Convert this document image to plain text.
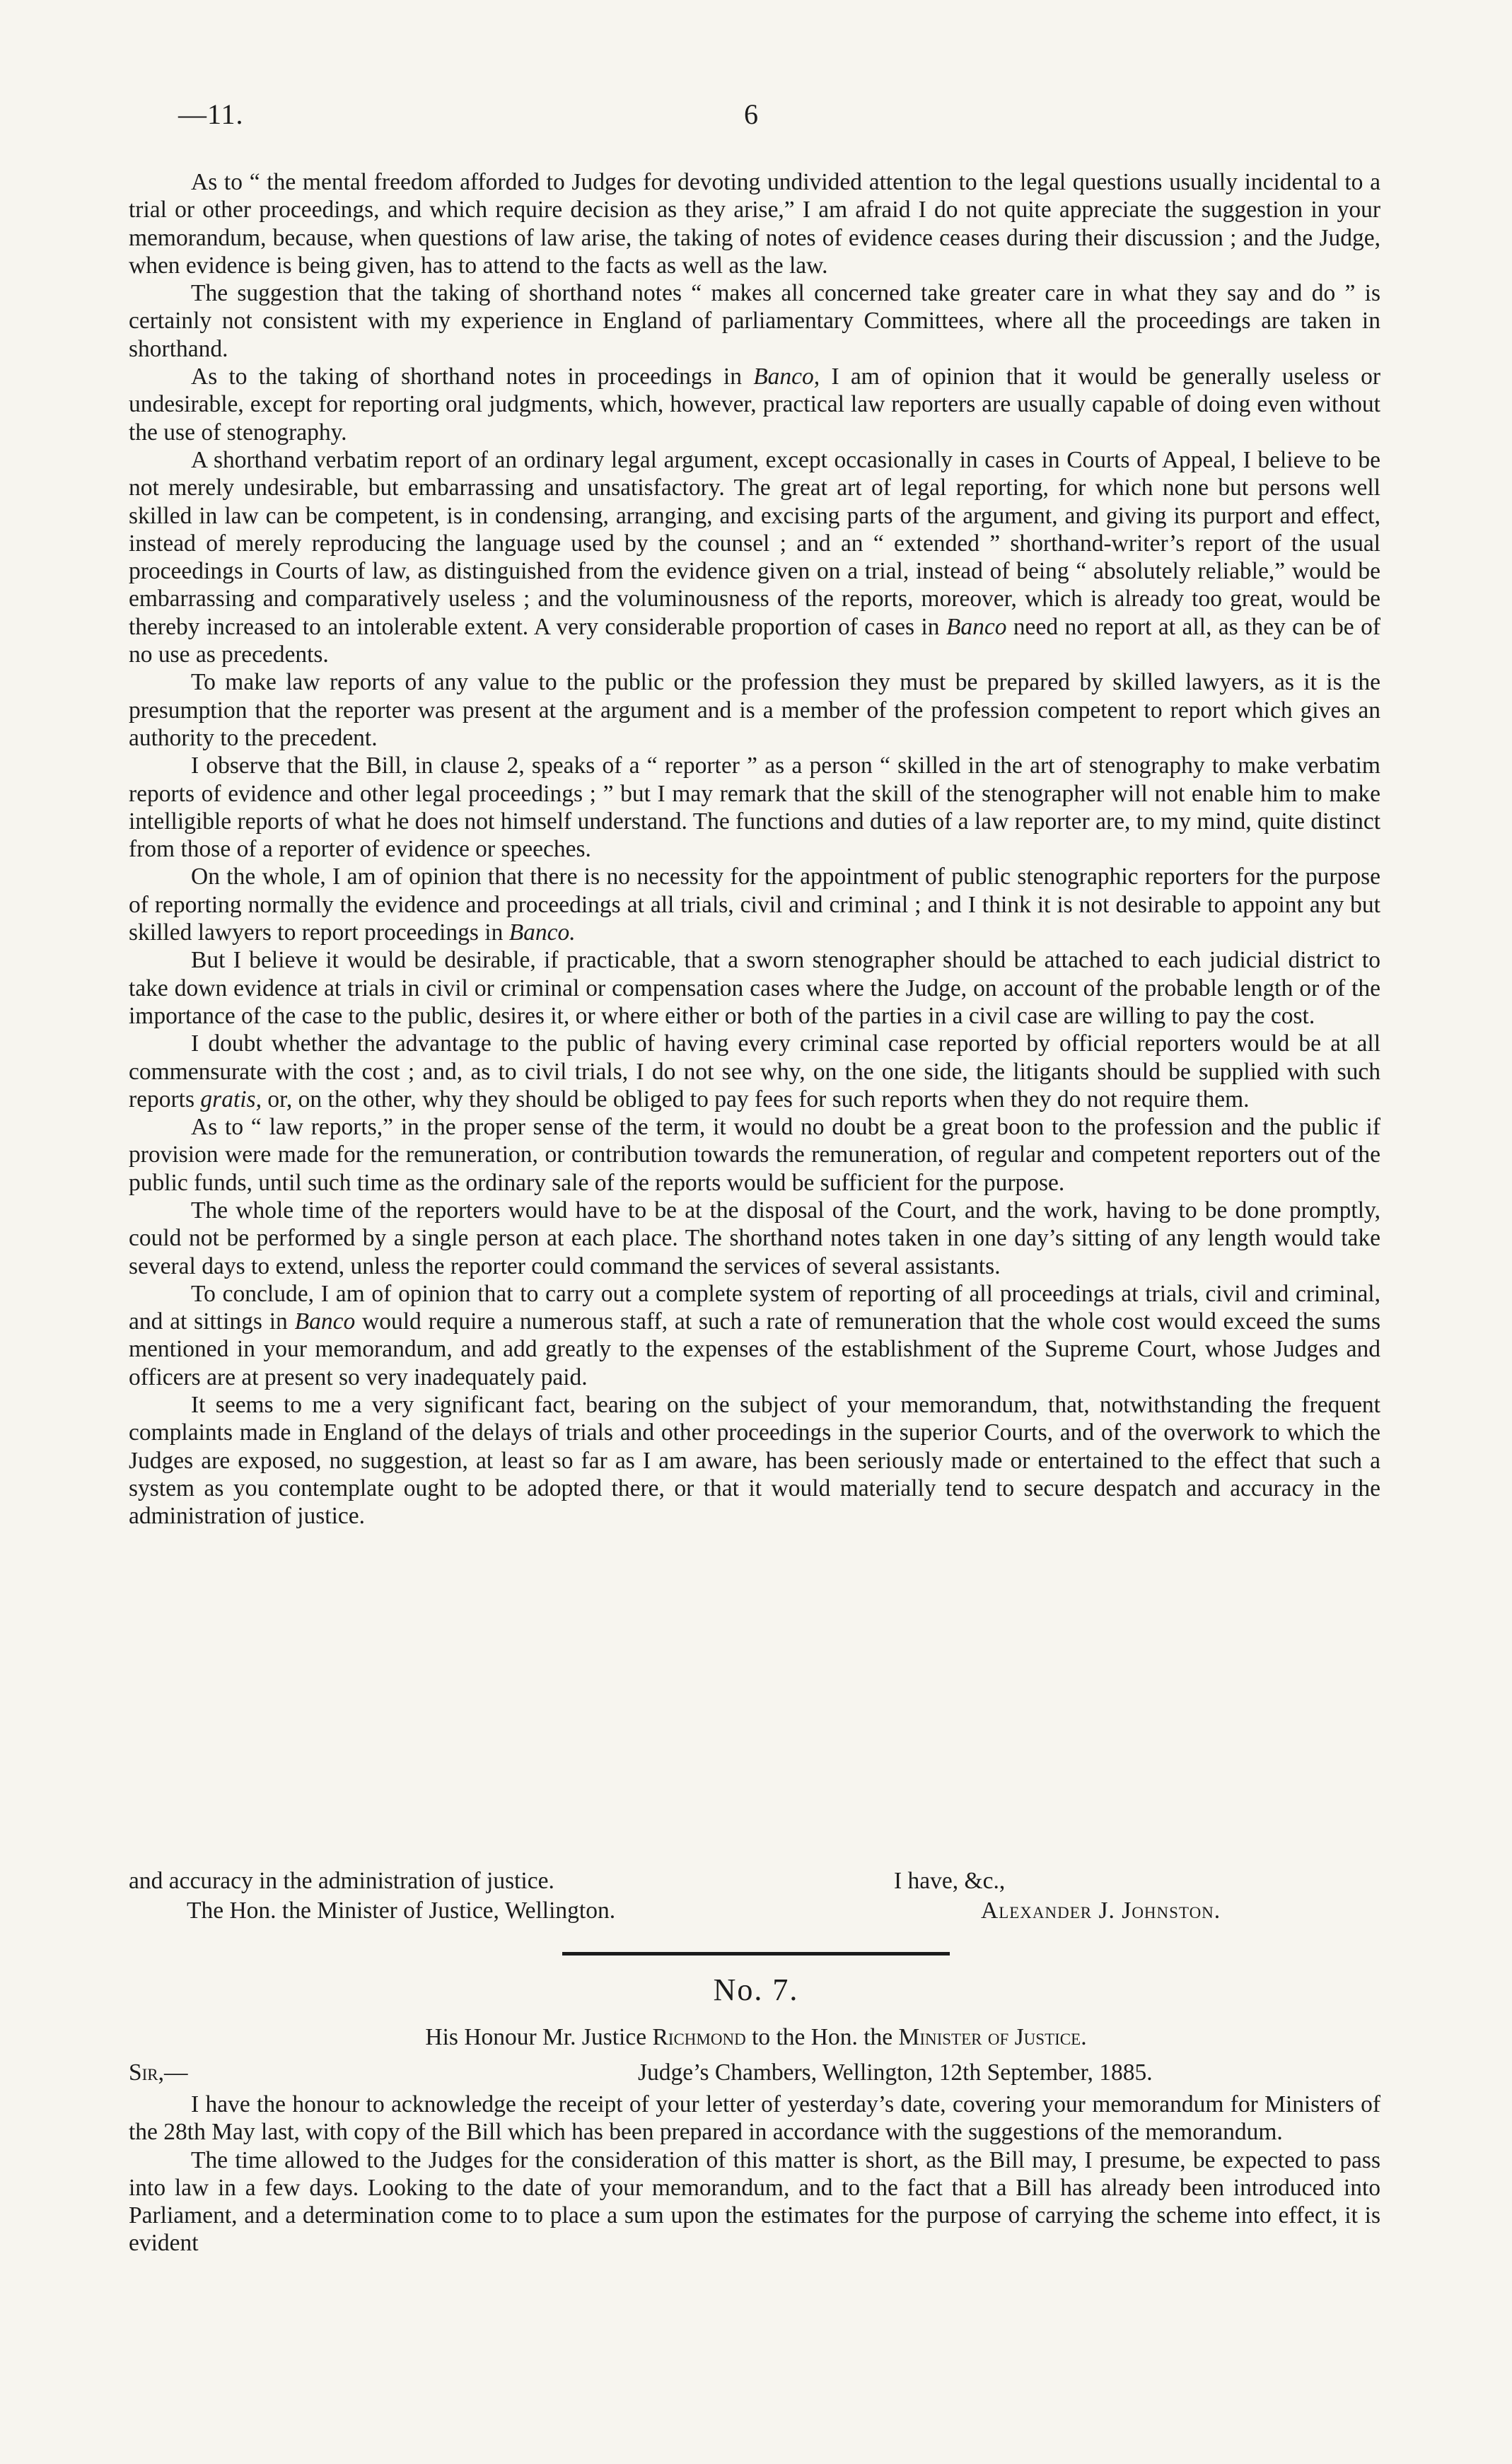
—11.	6

As to “ the mental freedom afforded to Judges for devoting undivided attention to the legal questions usually incidental to a trial or other proceedings, and which require decision as they arise,” I am afraid I do not quite appreciate the suggestion in your memorandum, because, when questions of law arise, the taking of notes of evidence ceases during their discussion ; and the Judge, when evidence is being given, has to attend to the facts as well as the law.

The suggestion that the taking of shorthand notes “ makes all concerned take greater care in what they say and do ” is certainly not consistent with my experience in England of parliamentary Committees, where all the proceedings are taken in shorthand.

As to the taking of shorthand notes in proceedings in Banco, I am of opinion that it would be generally useless or undesirable, except for reporting oral judgments, which, however, practical law reporters are usually capable of doing even without the use of stenography.

A shorthand verbatim report of an ordinary legal argument, except occasionally in cases in Courts of Appeal, I believe to be not merely undesirable, but embarrassing and unsatisfactory. The great art of legal reporting, for which none but persons well skilled in law can be competent, is in condensing, arranging, and excising parts of the argument, and giving its purport and effect, instead of merely reproducing the language used by the counsel ; and an “ extended ” shorthand-writer’s report of the usual proceedings in Courts of law, as distinguished from the evidence given on a trial, instead of being “ absolutely reliable,” would be embarrassing and comparatively useless ; and the voluminousness of the reports, moreover, which is already too great, would be thereby increased to an intolerable extent. A very considerable proportion of cases in Banco need no report at all, as they can be of no use as precedents.

To make law reports of any value to the public or the profession they must be prepared by skilled lawyers, as it is the presumption that the reporter was present at the argument and is a member of the profession competent to report which gives an authority to the precedent.

I observe that the Bill, in clause 2, speaks of a “ reporter ” as a person “ skilled in the art of stenography to make verbatim reports of evidence and other legal proceedings ; ” but I may remark that the skill of the stenographer will not enable him to make intelligible reports of what he does not himself understand. The functions and duties of a law reporter are, to my mind, quite distinct from those of a reporter of evidence or speeches.

On the whole, I am of opinion that there is no necessity for the appointment of public stenographic reporters for the purpose of reporting normally the evidence and proceedings at all trials, civil and criminal ; and I think it is not desirable to appoint any but skilled lawyers to report proceedings in Banco.

But I believe it would be desirable, if practicable, that a sworn stenographer should be attached to each judicial district to take down evidence at trials in civil or criminal or compensation cases where the Judge, on account of the probable length or of the importance of the case to the public, desires it, or where either or both of the parties in a civil case are willing to pay the cost.

I doubt whether the advantage to the public of having every criminal case reported by official reporters would be at all commensurate with the cost ; and, as to civil trials, I do not see why, on the one side, the litigants should be supplied with such reports gratis, or, on the other, why they should be obliged to pay fees for such reports when they do not require them.

As to “ law reports,” in the proper sense of the term, it would no doubt be a great boon to the profession and the public if provision were made for the remuneration, or contribution towards the remuneration, of regular and competent reporters out of the public funds, until such time as the ordinary sale of the reports would be sufficient for the purpose.

The whole time of the reporters would have to be at the disposal of the Court, and the work, having to be done promptly, could not be performed by a single person at each place. The shorthand notes taken in one day’s sitting of any length would take several days to extend, unless the reporter could command the services of several assistants.

To conclude, I am of opinion that to carry out a complete system of reporting of all proceedings at trials, civil and criminal, and at sittings in Banco would require a numerous staff, at such a rate of remuneration that the whole cost would exceed the sums mentioned in your memorandum, and add greatly to the expenses of the establishment of the Supreme Court, whose Judges and officers are at present so very inadequately paid.

It seems to me a very significant fact, bearing on the subject of your memorandum, that, notwithstanding the frequent complaints made in England of the delays of trials and other proceedings in the superior Courts, and of the overwork to which the Judges are exposed, no suggestion, at least so far as I am aware, has been seriously made or entertained to the effect that such a system as you contemplate ought to be adopted there, or that it would materially tend to secure despatch and accuracy in the administration of justice.

and accuracy in the administration of justice.	I have, &c.,
The Hon. the Minister of Justice, Wellington.	Alexander J. Johnston.
No. 7.
His Honour Mr. Justice Richmond to the Hon. the Minister of Justice.
Sir,—	Judge’s Chambers, Wellington, 12th September, 1885.

I have the honour to acknowledge the receipt of your letter of yesterday’s date, covering your memorandum for Ministers of the 28th May last, with copy of the Bill which has been prepared in accordance with the suggestions of the memorandum.

The time allowed to the Judges for the consideration of this matter is short, as the Bill may, I presume, be expected to pass into law in a few days. Looking to the date of your memorandum, and to the fact that a Bill has already been introduced into Parliament, and a determination come to to place a sum upon the estimates for the purpose of carrying the scheme into effect, it is evident
